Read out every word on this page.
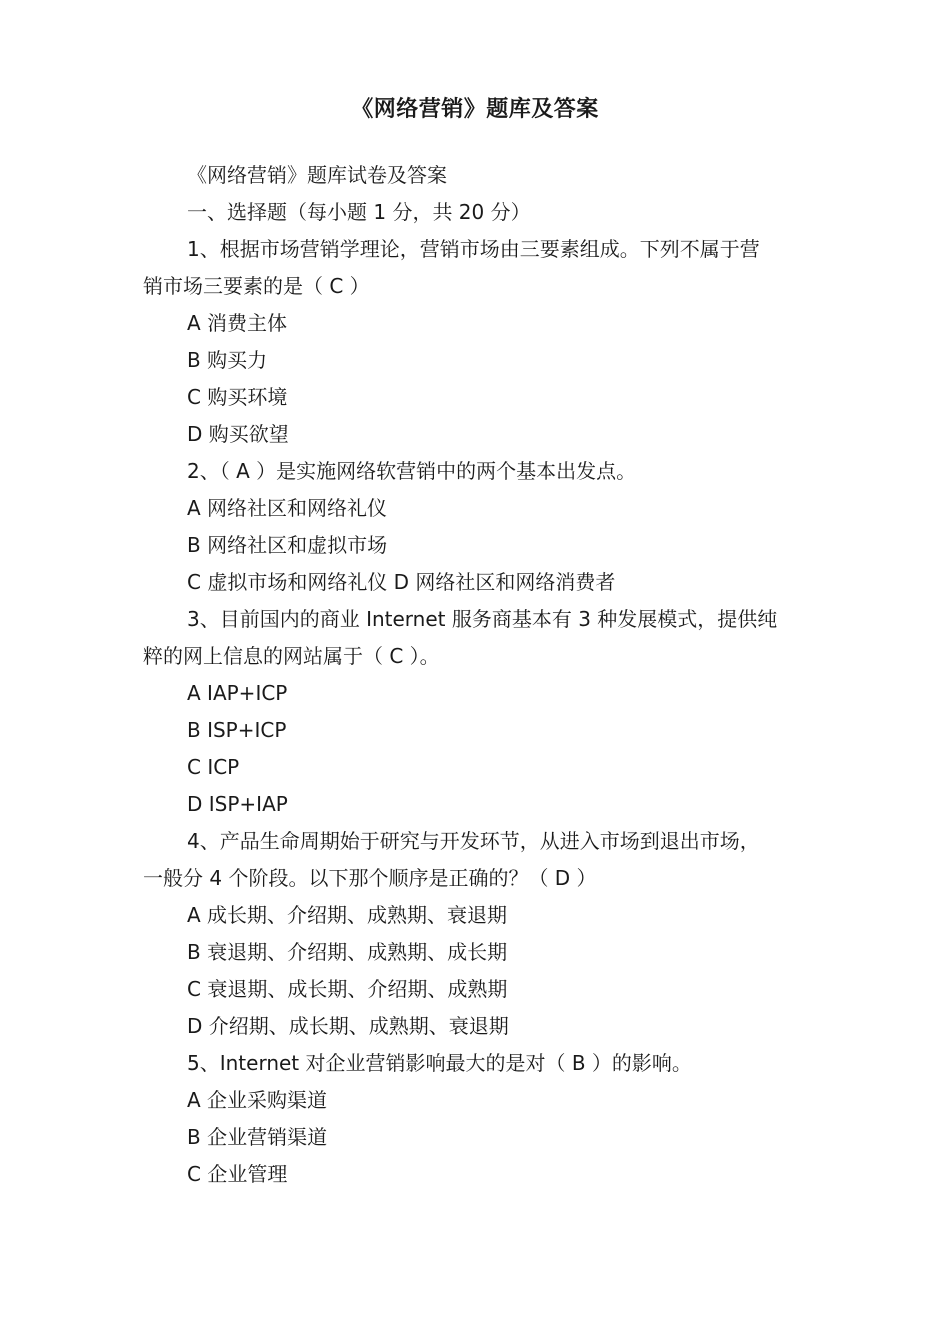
《网络营销》题库及答案

《网络营销》题库试卷及答案

一、选择题（每小题 1 分，共 20 分）

1、根据市场营销学理论，营销市场由三要素组成。下列不属于营

销市场三要素的是（ C ）

A 消费主体

B 购买力

C 购买环境

D 购买欲望

2、（ A ）是实施网络软营销中的两个基本出发点。

A 网络社区和网络礼仪

B 网络社区和虚拟市场

C 虚拟市场和网络礼仪 D 网络社区和网络消费者

3、目前国内的商业 Internet 服务商基本有 3 种发展模式，提供纯

粹的网上信息的网站属于（ C ）。

A IAP+ICP

B ISP+ICP

C ICP

D ISP+IAP

4、产品生命周期始于研究与开发环节，从进入市场到退出市场，

一般分 4 个阶段。以下那个顺序是正确的？（ D ）

A 成长期、介绍期、成熟期、衰退期

B 衰退期、介绍期、成熟期、成长期

C 衰退期、成长期、介绍期、成熟期

D 介绍期、成长期、成熟期、衰退期

5、Internet 对企业营销影响最大的是对（ B ）的影响。

A 企业采购渠道

B 企业营销渠道

C 企业管理
